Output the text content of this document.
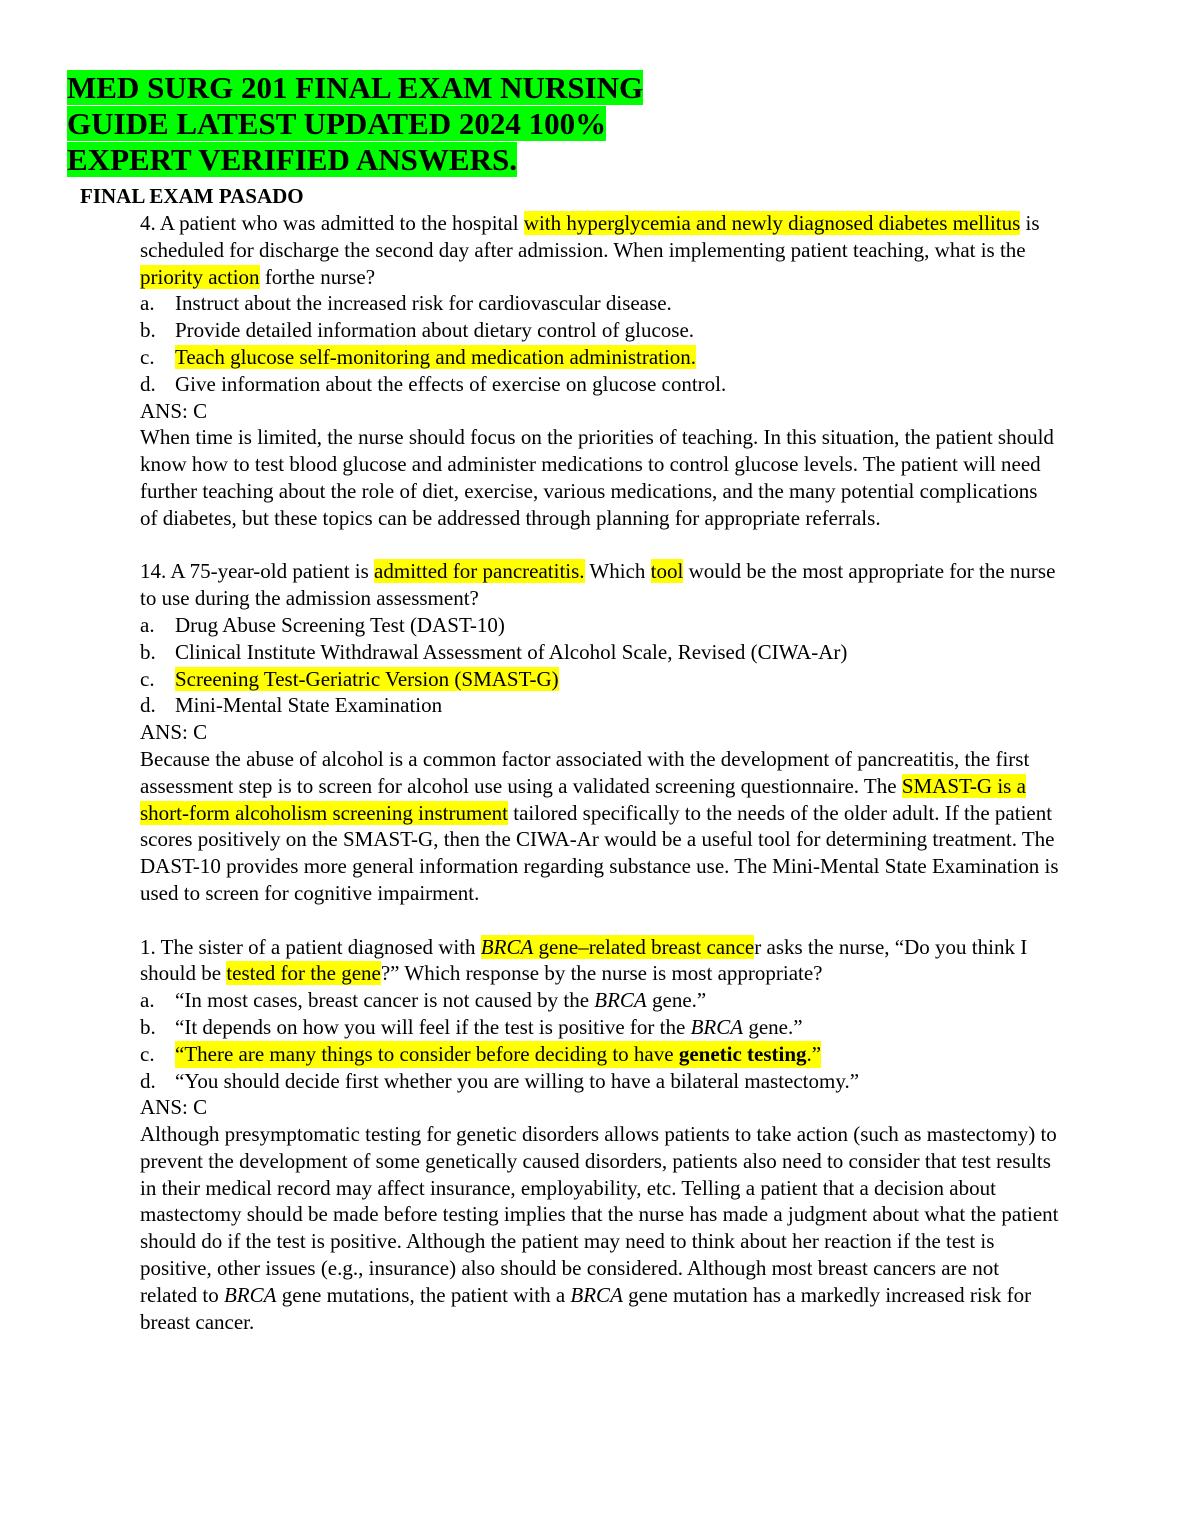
MED SURG 201 FINAL EXAM NURSING
GUIDE LATEST UPDATED 2024 100%
EXPERT VERIFIED ANSWERS.
FINAL EXAM PASADO

4. A patient who was admitted to the hospital with hyperglycemia and newly diagnosed diabetes mellitus is scheduled for discharge the second day after admission. When implementing patient teaching, what is the priority action forthe nurse?

a. Instruct about the increased risk for cardiovascular disease.
b. Provide detailed information about dietary control of glucose.
c. Teach glucose self-monitoring and medication administration.
d. Give information about the effects of exercise on glucose control.

ANS: C

When time is limited, the nurse should focus on the priorities of teaching. In this situation, the patient should know how to test blood glucose and administer medications to control glucose levels. The patient will need further teaching about the role of diet, exercise, various medications, and the many potential complications of diabetes, but these topics can be addressed through planning for appropriate referrals.

14. A 75-year-old patient is admitted for pancreatitis. Which tool would be the most appropriate for the nurse to use during the admission assessment?

a. Drug Abuse Screening Test (DAST-10)
b. Clinical Institute Withdrawal Assessment of Alcohol Scale, Revised (CIWA-Ar)
c. Screening Test-Geriatric Version (SMAST-G)
d. Mini-Mental State Examination

ANS: C

Because the abuse of alcohol is a common factor associated with the development of pancreatitis, the first assessment step is to screen for alcohol use using a validated screening questionnaire. The SMAST-G is a short-form alcoholism screening instrument tailored specifically to the needs of the older adult. If the patient scores positively on the SMAST-G, then the CIWA-Ar would be a useful tool for determining treatment. The DAST-10 provides more general information regarding substance use. The Mini-Mental State Examination is used to screen for cognitive impairment.

1. The sister of a patient diagnosed with BRCA gene–related breast cancer asks the nurse, “Do you think I should be tested for the gene?” Which response by the nurse is most appropriate?

a. “In most cases, breast cancer is not caused by the BRCA gene.”
b. “It depends on how you will feel if the test is positive for the BRCA gene.”
c. “There are many things to consider before deciding to have genetic testing.”
d. “You should decide first whether you are willing to have a bilateral mastectomy.”

ANS: C

Although presymptomatic testing for genetic disorders allows patients to take action (such as mastectomy) to prevent the development of some genetically caused disorders, patients also need to consider that test results in their medical record may affect insurance, employability, etc. Telling a patient that a decision about mastectomy should be made before testing implies that the nurse has made a judgment about what the patient should do if the test is positive. Although the patient may need to think about her reaction if the test is positive, other issues (e.g., insurance) also should be considered. Although most breast cancers are not related to BRCA gene mutations, the patient with a BRCA gene mutation has a markedly increased risk for breast cancer.
